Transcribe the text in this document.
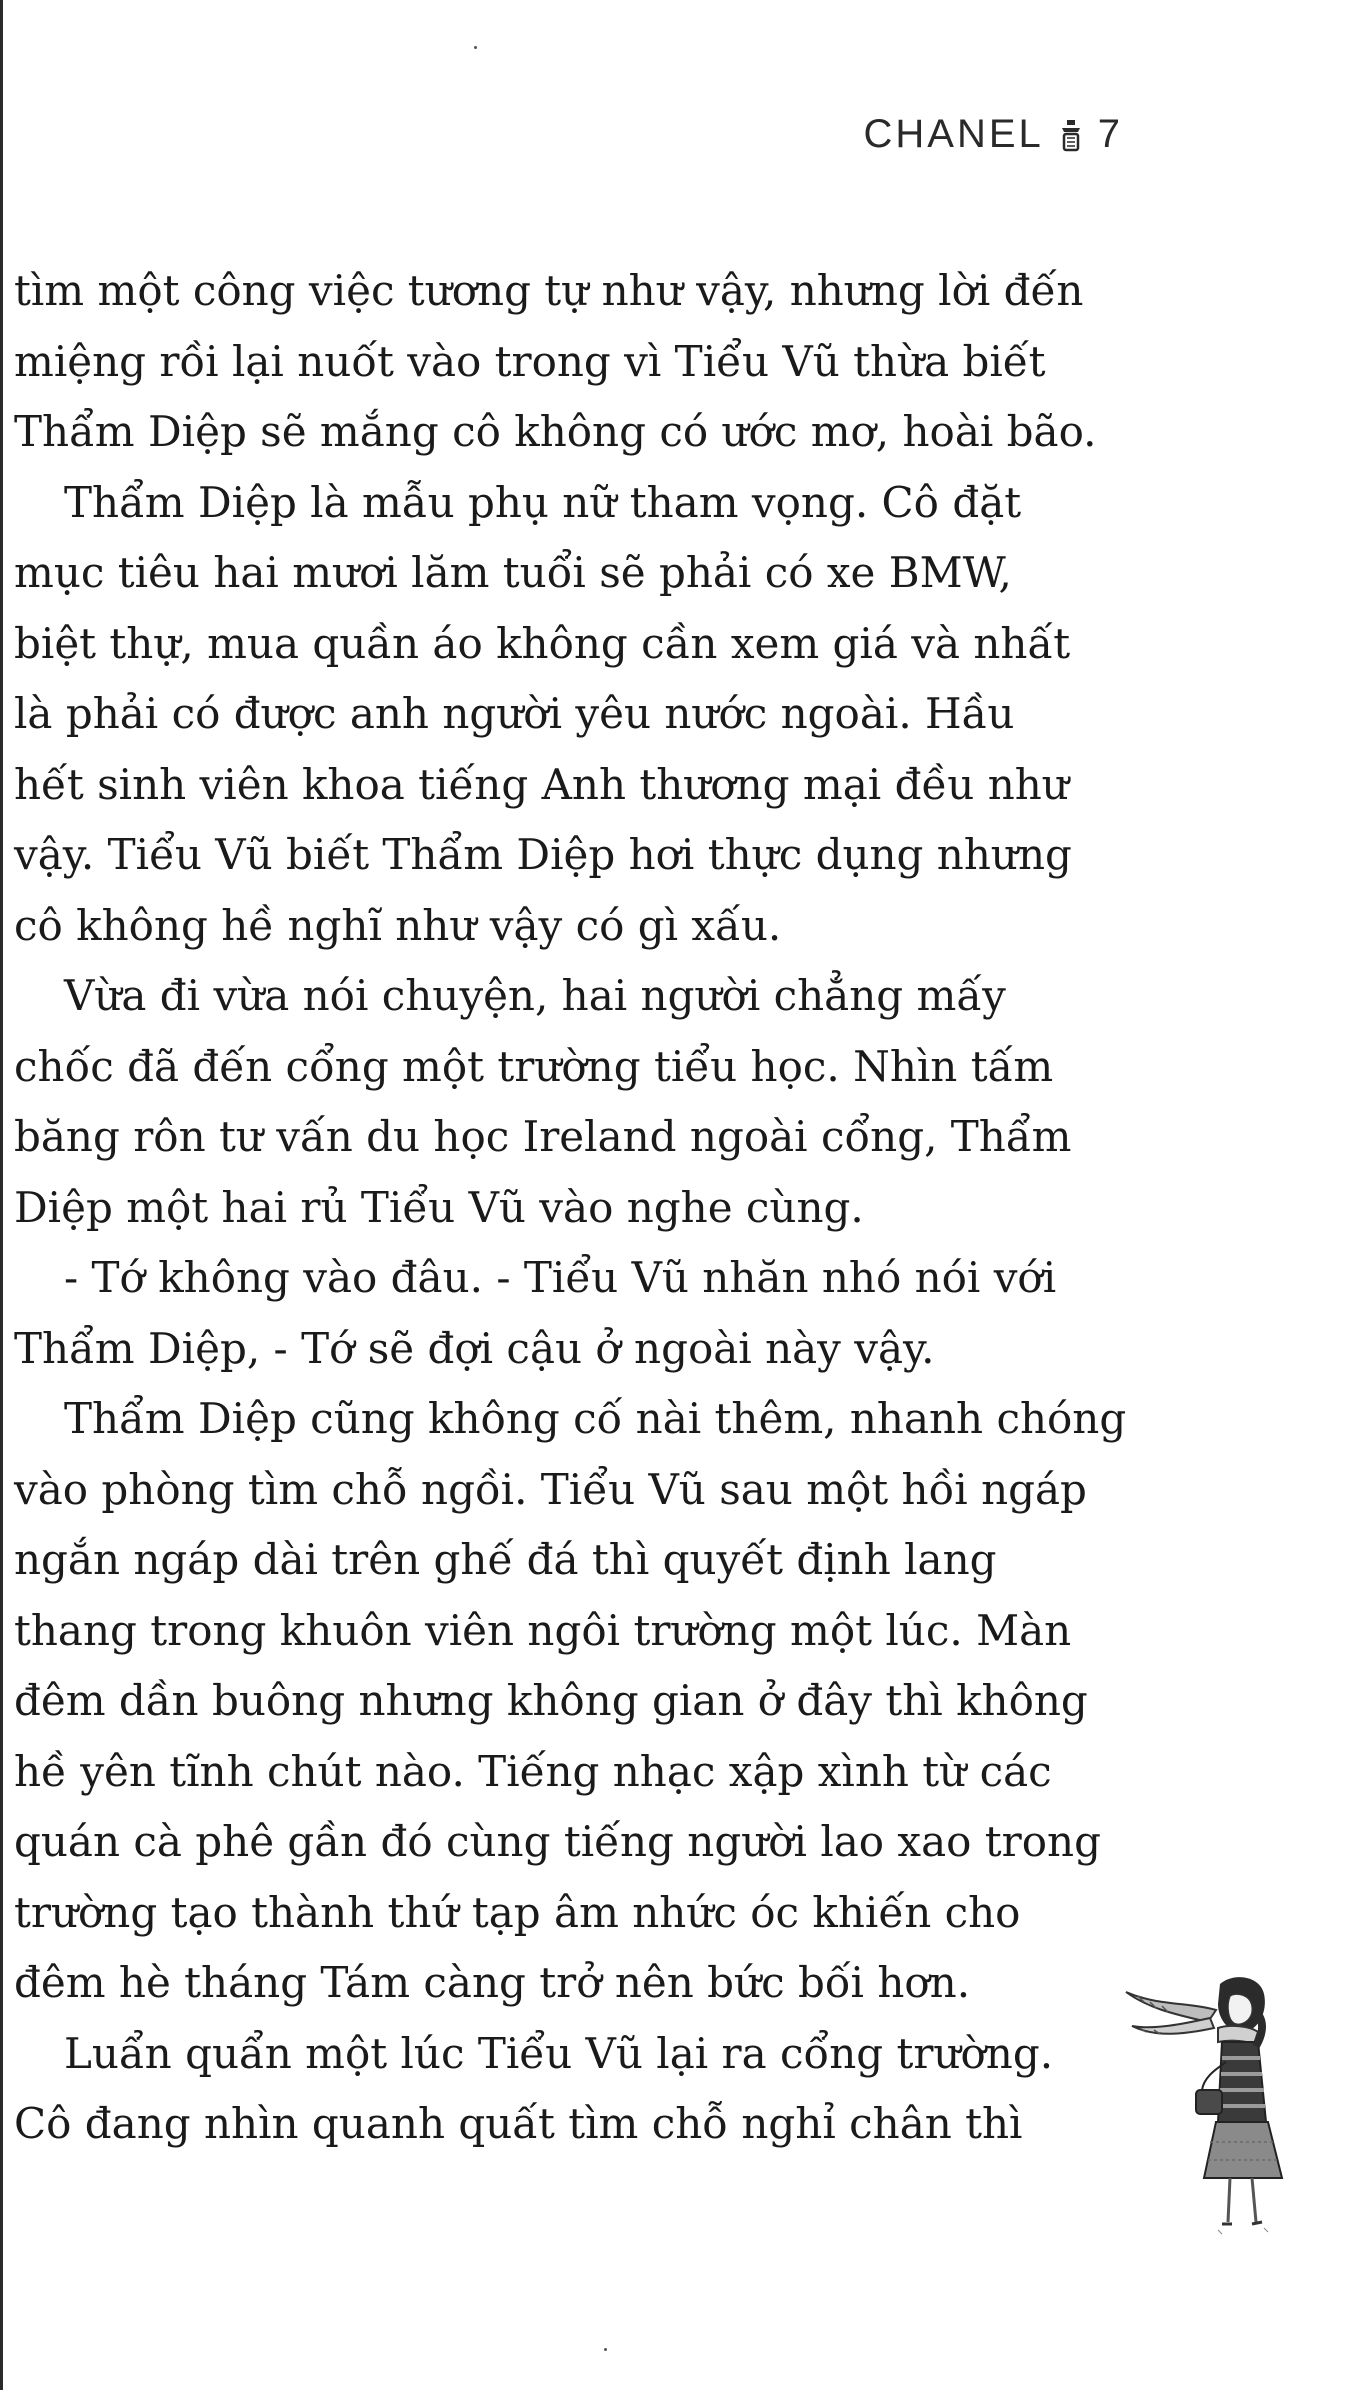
CHANEL 7
tìm một công việc tương tự như vậy, nhưng lời đến
miệng rồi lại nuốt vào trong vì Tiểu Vũ thừa biết
Thẩm Diệp sẽ mắng cô không có ước mơ, hoài bão.
Thẩm Diệp là mẫu phụ nữ tham vọng. Cô đặt
mục tiêu hai mươi lăm tuổi sẽ phải có xe BMW,
biệt thự, mua quần áo không cần xem giá và nhất
là phải có được anh người yêu nước ngoài. Hầu
hết sinh viên khoa tiếng Anh thương mại đều như
vậy. Tiểu Vũ biết Thẩm Diệp hơi thực dụng nhưng
cô không hề nghĩ như vậy có gì xấu.
Vừa đi vừa nói chuyện, hai người chẳng mấy
chốc đã đến cổng một trường tiểu học. Nhìn tấm
băng rôn tư vấn du học Ireland ngoài cổng, Thẩm
Diệp một hai rủ Tiểu Vũ vào nghe cùng.
- Tớ không vào đâu. - Tiểu Vũ nhăn nhó nói với
Thẩm Diệp, - Tớ sẽ đợi cậu ở ngoài này vậy.
Thẩm Diệp cũng không cố nài thêm, nhanh chóng
vào phòng tìm chỗ ngồi. Tiểu Vũ sau một hồi ngáp
ngắn ngáp dài trên ghế đá thì quyết định lang
thang trong khuôn viên ngôi trường một lúc. Màn
đêm dần buông nhưng không gian ở đây thì không
hề yên tĩnh chút nào. Tiếng nhạc xập xình từ các
quán cà phê gần đó cùng tiếng người lao xao trong
trường tạo thành thứ tạp âm nhức óc khiến cho
đêm hè tháng Tám càng trở nên bức bối hơn.
Luẩn quẩn một lúc Tiểu Vũ lại ra cổng trường.
Cô đang nhìn quanh quất tìm chỗ nghỉ chân thì
